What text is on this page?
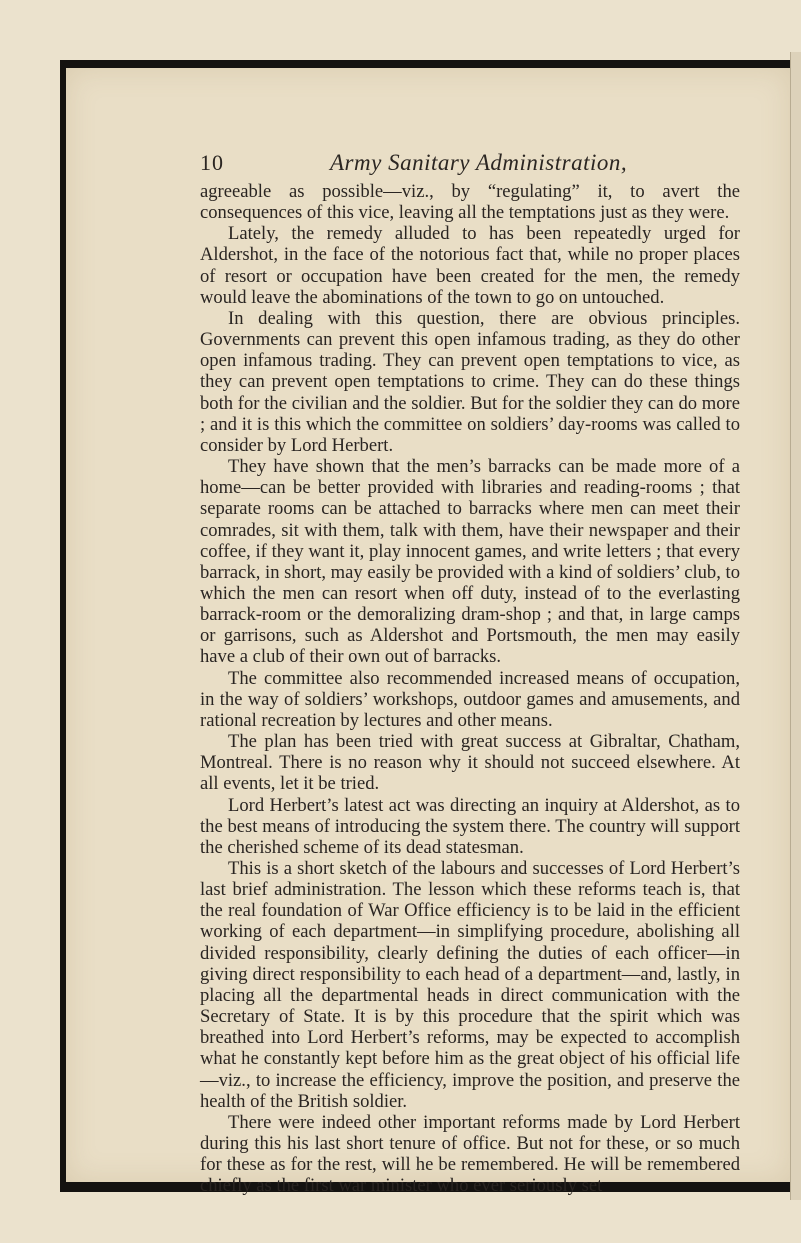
10	Army Sanitary Administration,

agreeable as possible—viz., by “regulating” it, to avert the consequences of this vice, leaving all the temptations just as they were.

Lately, the remedy alluded to has been repeatedly urged for Aldershot, in the face of the notorious fact that, while no proper places of resort or occupation have been created for the men, the remedy would leave the abominations of the town to go on untouched.

In dealing with this question, there are obvious principles. Governments can prevent this open infamous trading, as they do other open infamous trading. They can prevent open temptations to vice, as they can prevent open temptations to crime. They can do these things both for the civilian and the soldier. But for the soldier they can do more ; and it is this which the committee on soldiers’ day-rooms was called to consider by Lord Herbert.

They have shown that the men’s barracks can be made more of a home—can be better provided with libraries and reading-rooms ; that separate rooms can be attached to barracks where men can meet their comrades, sit with them, talk with them, have their newspaper and their coffee, if they want it, play innocent games, and write letters ; that every barrack, in short, may easily be provided with a kind of soldiers’ club, to which the men can resort when off duty, instead of to the everlasting barrack-room or the demoralizing dram-shop ; and that, in large camps or garrisons, such as Aldershot and Portsmouth, the men may easily have a club of their own out of barracks.

The committee also recommended increased means of occupation, in the way of soldiers’ workshops, outdoor games and amusements, and rational recreation by lectures and other means.

The plan has been tried with great success at Gibraltar, Chatham, Montreal. There is no reason why it should not succeed elsewhere. At all events, let it be tried.

Lord Herbert’s latest act was directing an inquiry at Aldershot, as to the best means of introducing the system there. The country will support the cherished scheme of its dead statesman.

This is a short sketch of the labours and successes of Lord Herbert’s last brief administration. The lesson which these reforms teach is, that the real foundation of War Office efficiency is to be laid in the efficient working of each department—in simplifying procedure, abolishing all divided responsibility, clearly defining the duties of each officer—in giving direct responsibility to each head of a department—and, lastly, in placing all the departmental heads in direct communication with the Secretary of State. It is by this procedure that the spirit which was breathed into Lord Herbert’s reforms, may be expected to accomplish what he constantly kept before him as the great object of his official life—viz., to increase the efficiency, improve the position, and preserve the health of the British soldier.

There were indeed other important reforms made by Lord Herbert during this his last short tenure of office. But not for these, or so much for these as for the rest, will he be remembered. He will be remembered chiefly as the first war minister who ever seriously set
